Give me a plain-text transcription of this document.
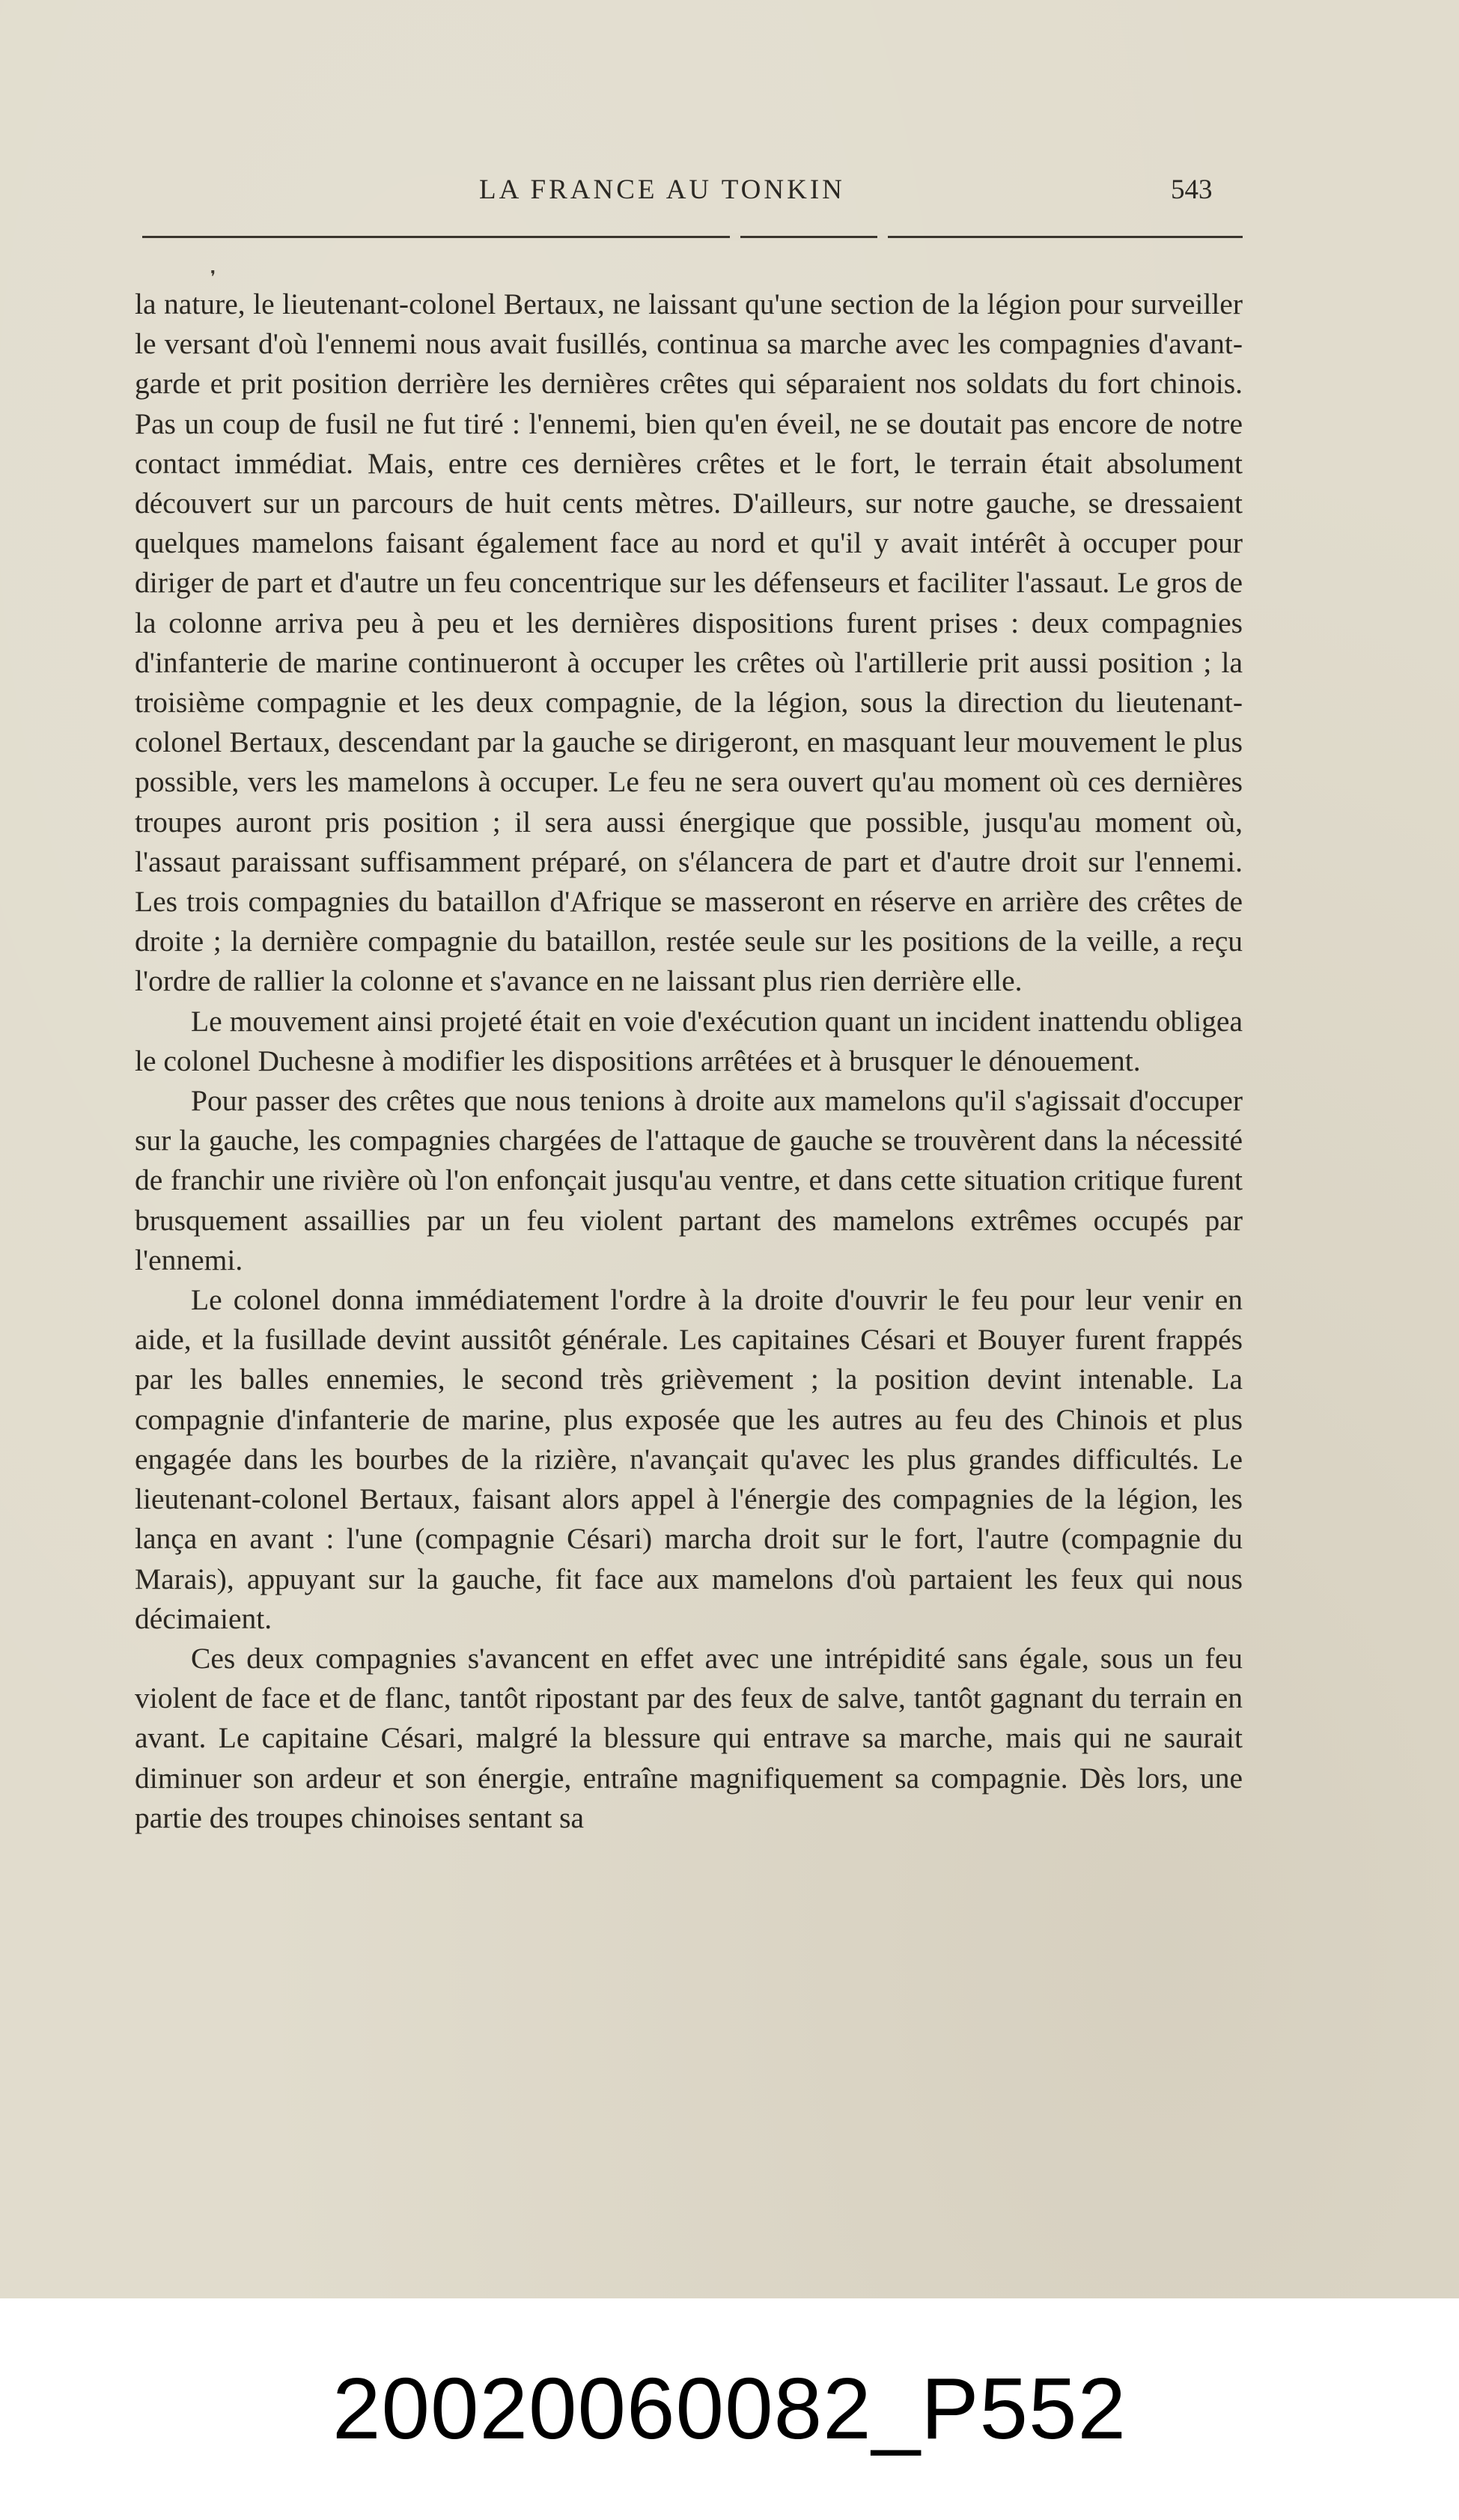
LA FRANCE AU TONKIN	543
❜

la nature, le lieutenant-colonel Bertaux, ne laissant qu'une section de la légion pour surveiller le versant d'où l'ennemi nous avait fusillés, continua sa marche avec les compagnies d'avant-garde et prit position derrière les dernières crêtes qui séparaient nos soldats du fort chinois. Pas un coup de fusil ne fut tiré : l'ennemi, bien qu'en éveil, ne se doutait pas encore de notre contact immédiat. Mais, entre ces dernières crêtes et le fort, le terrain était absolument découvert sur un parcours de huit cents mètres. D'ailleurs, sur notre gauche, se dressaient quelques mamelons faisant également face au nord et qu'il y avait intérêt à occuper pour diriger de part et d'autre un feu concentrique sur les défenseurs et faciliter l'assaut. Le gros de la colonne arriva peu à peu et les dernières dispositions furent prises : deux compagnies d'infanterie de marine continueront à occuper les crêtes où l'artillerie prit aussi position ; la troisième compagnie et les deux compagnie, de la légion, sous la direction du lieutenant-colonel Bertaux, descendant par la gauche se dirigeront, en masquant leur mouvement le plus possible, vers les mamelons à occuper. Le feu ne sera ouvert qu'au moment où ces dernières troupes auront pris position ; il sera aussi énergique que possible, jusqu'au moment où, l'assaut paraissant suffisamment préparé, on s'élancera de part et d'autre droit sur l'ennemi. Les trois compagnies du bataillon d'Afrique se masseront en réserve en arrière des crêtes de droite ; la dernière compagnie du bataillon, restée seule sur les positions de la veille, a reçu l'ordre de rallier la colonne et s'avance en ne laissant plus rien derrière elle.

Le mouvement ainsi projeté était en voie d'exécution quant un incident inattendu obligea le colonel Duchesne à modifier les dispositions arrêtées et à brusquer le dénouement.

Pour passer des crêtes que nous tenions à droite aux mamelons qu'il s'agissait d'occuper sur la gauche, les compagnies chargées de l'attaque de gauche se trouvèrent dans la nécessité de franchir une rivière où l'on enfonçait jusqu'au ventre, et dans cette situation critique furent brusquement assaillies par un feu violent partant des mamelons extrêmes occupés par l'ennemi.

Le colonel donna immédiatement l'ordre à la droite d'ouvrir le feu pour leur venir en aide, et la fusillade devint aussitôt générale. Les capitaines Césari et Bouyer furent frappés par les balles ennemies, le second très grièvement ; la position devint intenable. La compagnie d'infanterie de marine, plus exposée que les autres au feu des Chinois et plus engagée dans les bourbes de la rizière, n'avançait qu'avec les plus grandes difficultés. Le lieutenant-colonel Bertaux, faisant alors appel à l'énergie des compagnies de la légion, les lança en avant : l'une (compagnie Césari) marcha droit sur le fort, l'autre (compagnie du Marais), appuyant sur la gauche, fit face aux mamelons d'où partaient les feux qui nous décimaient.

Ces deux compagnies s'avancent en effet avec une intrépidité sans égale, sous un feu violent de face et de flanc, tantôt ripostant par des feux de salve, tantôt gagnant du terrain en avant. Le capitaine Césari, malgré la blessure qui entrave sa marche, mais qui ne saurait diminuer son ardeur et son énergie, entraîne magnifiquement sa compagnie. Dès lors, une partie des troupes chinoises sentant sa

20020060082_P552
